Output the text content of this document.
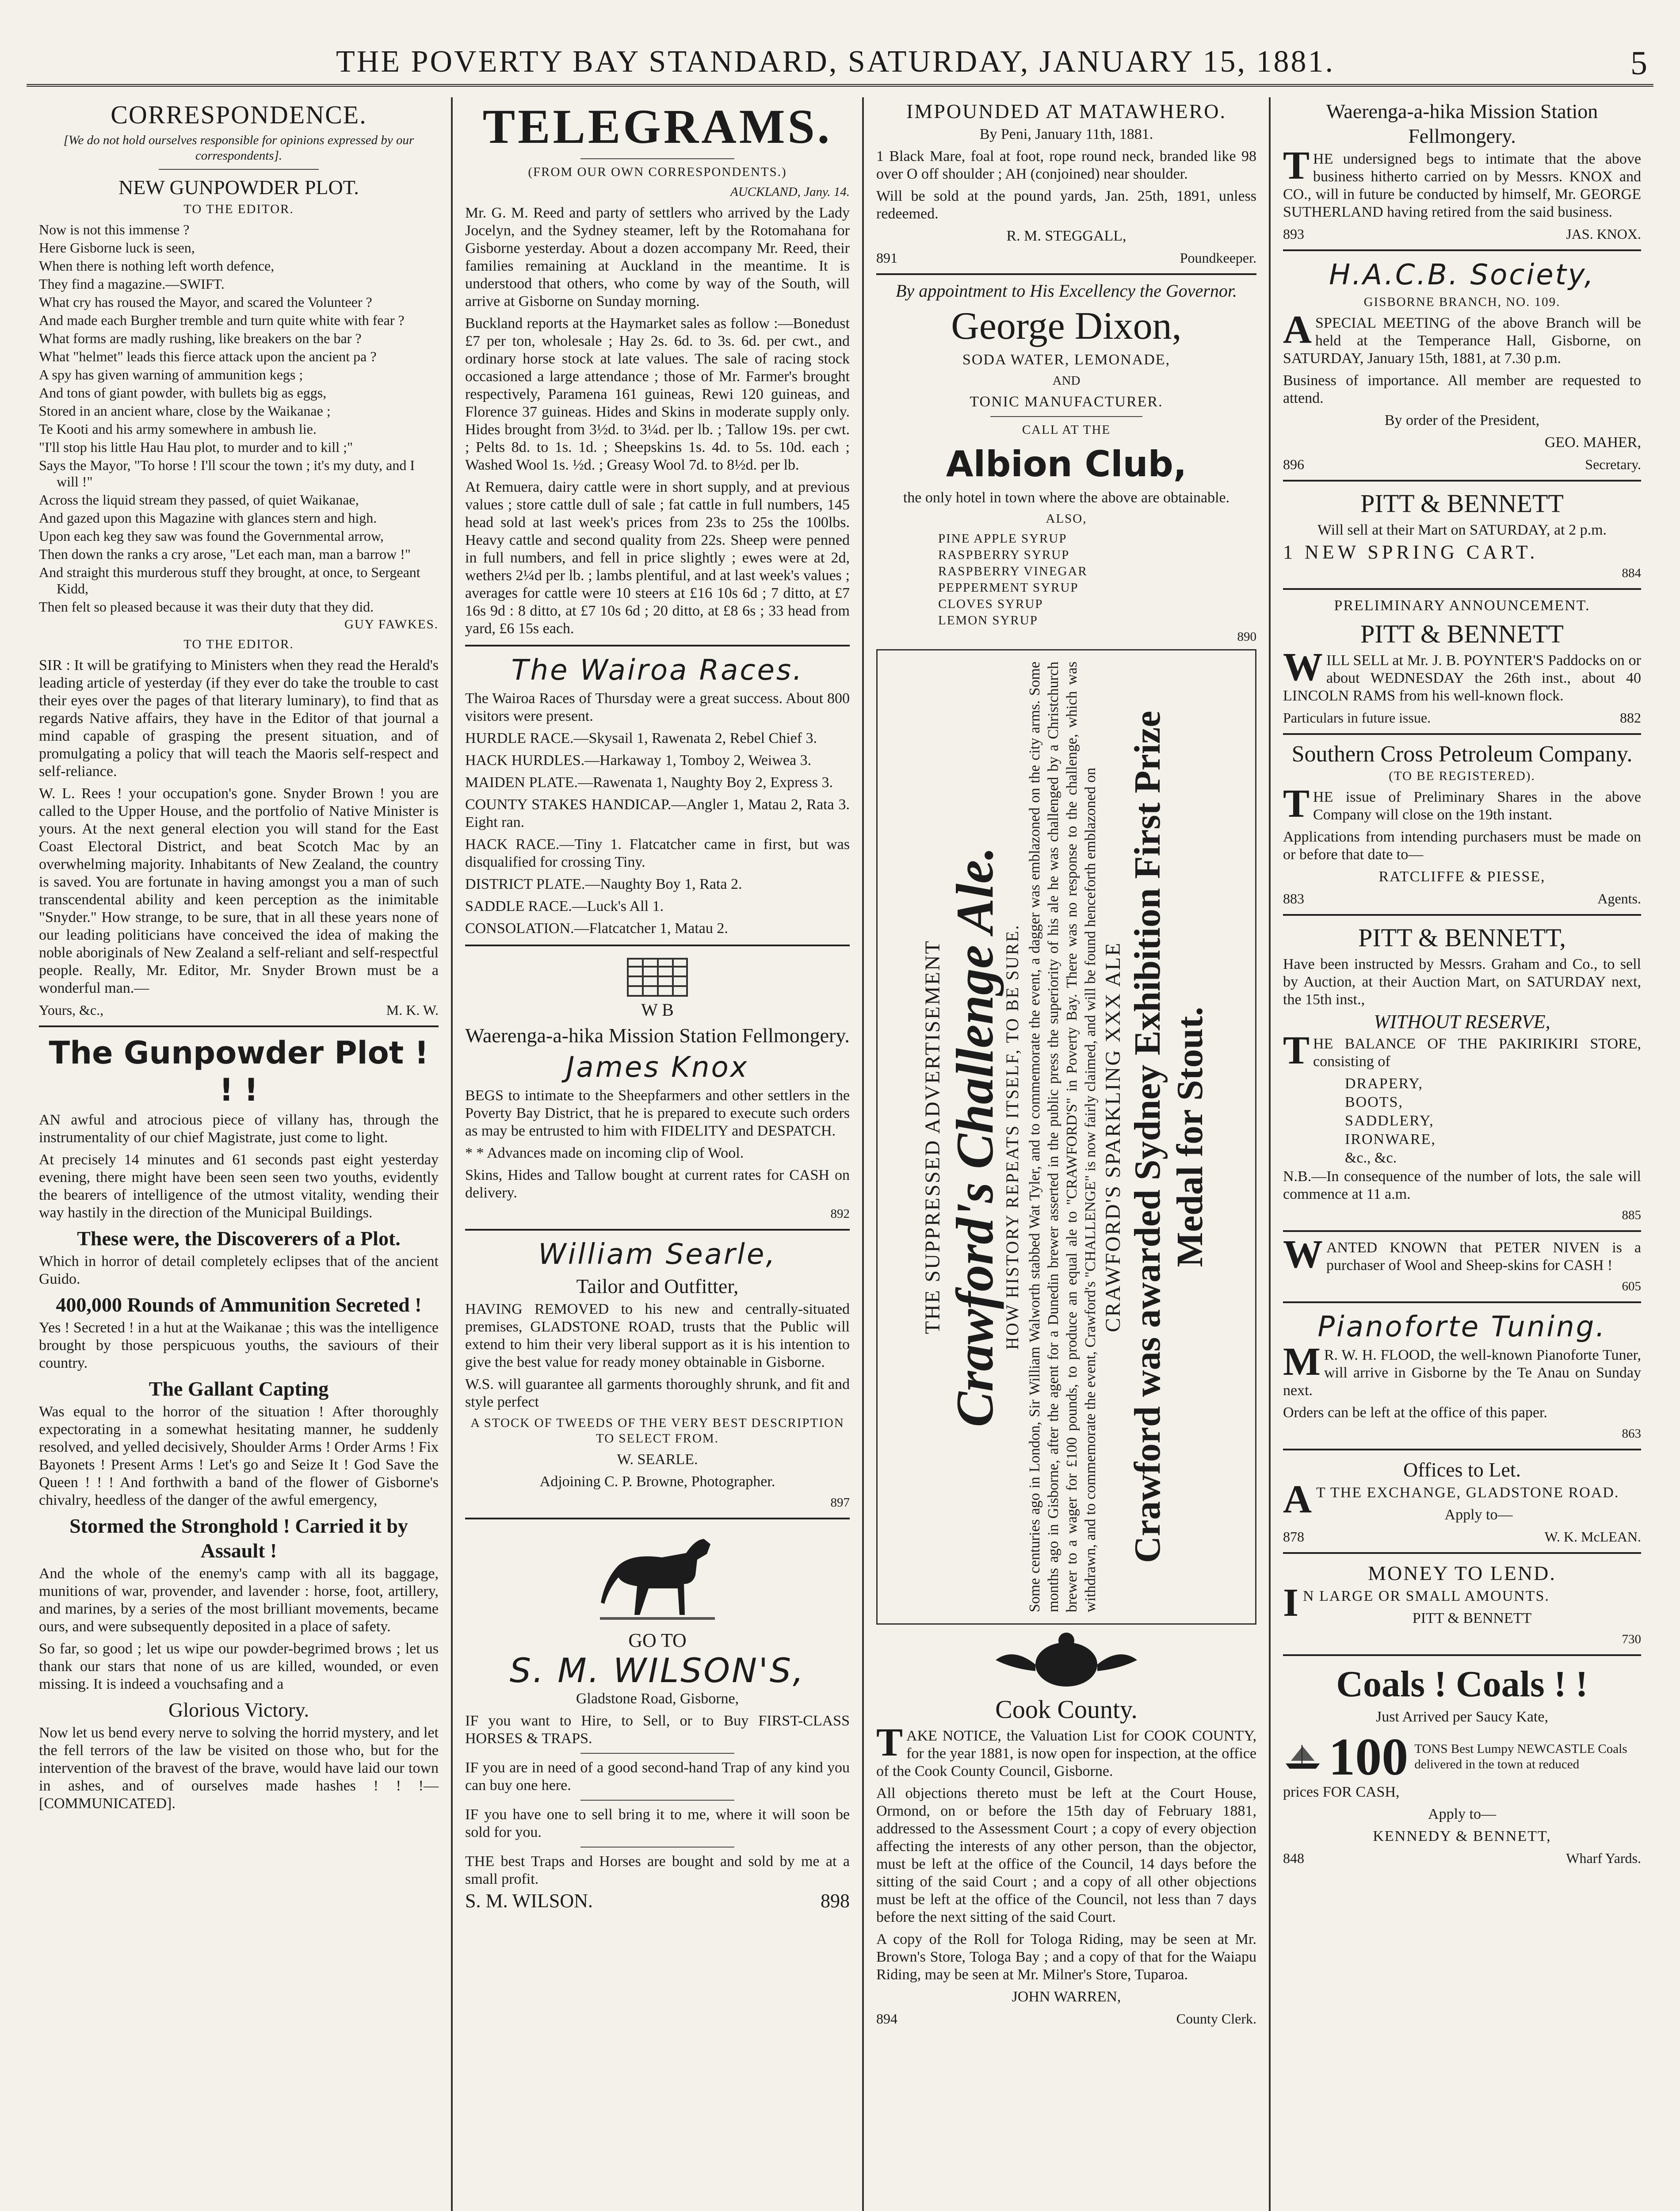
THE POVERTY BAY STANDARD, SATURDAY, JANUARY 15, 1881.	5
CORRESPONDENCE.

[We do not hold ourselves responsible for opinions expressed by our correspondents].

NEW GUNPOWDER PLOT.

TO THE EDITOR.

Now is not this immense ?

Here Gisborne luck is seen,

When there is nothing left worth defence,

They find a magazine.—SWIFT.

What cry has roused the Mayor, and scared the Volunteer ?

And made each Burgher tremble and turn quite white with fear ?

What forms are madly rushing, like breakers on the bar ?

What "helmet" leads this fierce attack upon the ancient pa ?

A spy has given warning of ammunition kegs ;

And tons of giant powder, with bullets big as eggs,

Stored in an ancient whare, close by the Waikanae ;

Te Kooti and his army somewhere in ambush lie.

"I'll stop his little Hau Hau plot, to murder and to kill ;"

Says the Mayor, "To horse ! I'll scour the town ; it's my duty, and I will !"

Across the liquid stream they passed, of quiet Waikanae,

And gazed upon this Magazine with glances stern and high.

Upon each keg they saw was found the Governmental arrow,

Then down the ranks a cry arose, "Let each man, man a barrow !"

And straight this murderous stuff they brought, at once, to Sergeant Kidd,

Then felt so pleased because it was their duty that they did.

GUY FAWKES.

TO THE EDITOR.

SIR : It will be gratifying to Ministers when they read the Herald's leading article of yesterday (if they ever do take the trouble to cast their eyes over the pages of that literary luminary), to find that as regards Native affairs, they have in the Editor of that journal a mind capable of grasping the present situation, and of promulgating a policy that will teach the Maoris self-respect and self-reliance.

W. L. Rees ! your occupation's gone. Snyder Brown ! you are called to the Upper House, and the portfolio of Native Minister is yours. At the next general election you will stand for the East Coast Electoral District, and beat Scotch Mac by an overwhelming majority. Inhabitants of New Zealand, the country is saved. You are fortunate in having amongst you a man of such transcendental ability and keen perception as the inimitable "Snyder." How strange, to be sure, that in all these years none of our leading politicians have conceived the idea of making the noble aboriginals of New Zealand a self-reliant and self-respectful people. Really, Mr. Editor, Mr. Snyder Brown must be a wonderful man.—

Yours, &c.,	M. K. W.
The Gunpowder Plot ! ! !

AN awful and atrocious piece of villany has, through the instrumentality of our chief Magistrate, just come to light.

At precisely 14 minutes and 61 seconds past eight yesterday evening, there might have been seen seen two youths, evidently the bearers of intelligence of the utmost vitality, wending their way hastily in the direction of the Municipal Buildings.

These were, the Discoverers of a Plot.

Which in horror of detail completely eclipses that of the ancient Guido.

400,000 Rounds of Ammunition Secreted !

Yes ! Secreted ! in a hut at the Waikanae ; this was the intelligence brought by those perspicuous youths, the saviours of their country.

The Gallant Capting

Was equal to the horror of the situation ! After thoroughly expectorating in a somewhat hesitating manner, he suddenly resolved, and yelled decisively, Shoulder Arms ! Order Arms ! Fix Bayonets ! Present Arms ! Let's go and Seize It ! God Save the Queen ! ! ! And forthwith a band of the flower of Gisborne's chivalry, heedless of the danger of the awful emergency,

Stormed the Stronghold ! Carried it by Assault !

And the whole of the enemy's camp with all its baggage, munitions of war, provender, and lavender : horse, foot, artillery, and marines, by a series of the most brilliant movements, became ours, and were subsequently deposited in a place of safety.

So far, so good ; let us wipe our powder-begrimed brows ; let us thank our stars that none of us are killed, wounded, or even missing. It is indeed a vouchsafing and a

Glorious Victory.

Now let us bend every nerve to solving the horrid mystery, and let the fell terrors of the law be visited on those who, but for the intervention of the bravest of the brave, would have laid our town in ashes, and of ourselves made hashes ! ! !—[COMMUNICATED].

TELEGRAMS.

(FROM OUR OWN CORRESPONDENTS.)

AUCKLAND, Jany. 14.

Mr. G. M. Reed and party of settlers who arrived by the Lady Jocelyn, and the Sydney steamer, left by the Rotomahana for Gisborne yesterday. About a dozen accompany Mr. Reed, their families remaining at Auckland in the meantime. It is understood that others, who come by way of the South, will arrive at Gisborne on Sunday morning.

Buckland reports at the Haymarket sales as follow :—Bonedust £7 per ton, wholesale ; Hay 2s. 6d. to 3s. 6d. per cwt., and ordinary horse stock at late values. The sale of racing stock occasioned a large attendance ; those of Mr. Farmer's brought respectively, Paramena 161 guineas, Rewi 120 guineas, and Florence 37 guineas. Hides and Skins in moderate supply only. Hides brought from 3½d. to 3¼d. per lb. ; Tallow 19s. per cwt. ; Pelts 8d. to 1s. 1d. ; Sheepskins 1s. 4d. to 5s. 10d. each ; Washed Wool 1s. ½d. ; Greasy Wool 7d. to 8½d. per lb.

At Remuera, dairy cattle were in short supply, and at previous values ; store cattle dull of sale ; fat cattle in full numbers, 145 head sold at last week's prices from 23s to 25s the 100lbs. Heavy cattle and second quality from 22s. Sheep were penned in full numbers, and fell in price slightly ; ewes were at 2d, wethers 2¼d per lb. ; lambs plentiful, and at last week's values ; averages for cattle were 10 steers at £16 10s 6d ; 7 ditto, at £7 16s 9d : 8 ditto, at £7 10s 6d ; 20 ditto, at £8 6s ; 33 head from yard, £6 15s each.

The Wairoa Races.

The Wairoa Races of Thursday were a great success. About 800 visitors were present.

HURDLE RACE.—Skysail 1, Rawenata 2, Rebel Chief 3.

HACK HURDLES.—Harkaway 1, Tomboy 2, Weiwea 3.

MAIDEN PLATE.—Rawenata 1, Naughty Boy 2, Express 3.

COUNTY STAKES HANDICAP.—Angler 1, Matau 2, Rata 3. Eight ran.

HACK RACE.—Tiny 1. Flatcatcher came in first, but was disqualified for crossing Tiny.

DISTRICT PLATE.—Naughty Boy 1, Rata 2.

SADDLE RACE.—Luck's All 1.

CONSOLATION.—Flatcatcher 1, Matau 2.

W B

Waerenga-a-hika Mission Station Fellmongery.
James Knox

BEGS to intimate to the Sheepfarmers and other settlers in the Poverty Bay District, that he is prepared to execute such orders as may be entrusted to him with FIDELITY and DESPATCH.

* * Advances made on incoming clip of Wool.

Skins, Hides and Tallow bought at current rates for CASH on delivery.

892

William Searle,
Tailor and Outfitter,

HAVING REMOVED to his new and centrally-situated premises, GLADSTONE ROAD, trusts that the Public will extend to him their very liberal support as it is his intention to give the best value for ready money obtainable in Gisborne.

W.S. will guarantee all garments thoroughly shrunk, and fit and style perfect

A STOCK OF TWEEDS OF THE VERY BEST DESCRIPTION TO SELECT FROM.

W. SEARLE.

Adjoining C. P. Browne, Photographer.

897

GO TO

S. M. WILSON'S,

Gladstone Road, Gisborne,

IF you want to Hire, to Sell, or to Buy FIRST-CLASS HORSES & TRAPS.

IF you are in need of a good second-hand Trap of any kind you can buy one here.

IF you have one to sell bring it to me, where it will soon be sold for you.

THE best Traps and Horses are bought and sold by me at a small profit.

S. M. WILSON.	898
IMPOUNDED AT MATAWHERO.

By Peni, January 11th, 1881.

1 Black Mare, foal at foot, rope round neck, branded like 98 over O off shoulder ; AH (conjoined) near shoulder.

Will be sold at the pound yards, Jan. 25th, 1891, unless redeemed.

R. M. STEGGALL,

891	Poundkeeper.

By appointment to His Excellency the Governor.

George Dixon,

SODA WATER, LEMONADE,

AND

TONIC MANUFACTURER.

CALL AT THE

Albion Club,

the only hotel in town where the above are obtainable.

ALSO,

PINE APPLE SYRUP

RASPBERRY SYRUP

RASPBERRY VINEGAR

PEPPERMENT SYRUP

CLOVES SYRUP

LEMON SYRUP

890

THE SUPPRESSED ADVERTISEMENT Crawford's Challenge Ale.

HOW HISTORY REPEATS ITSELF, TO BE SURE. Some centuries ago in London, Sir William Walworth stabbed Wat Tyler, and to commemorate the event, a dagger was emblazoned on the city arms. Some months ago in Gisborne, after the agent for a Dunedin brewer asserted in the public press the superiority of his ale he was challenged by a Christchurch brewer to a wager for £100 pounds, to produce an equal ale to "CRAWFORD'S" in Poverty Bay. There was no response to the challenge, which was withdrawn, and to commemorate the event, Crawford's "CHALLENGE" is now fairly claimed, and will be found henceforth emblazoned on CRAWFORD'S SPARKLING XXX ALE Crawford was awarded Sydney Exhibition First Prize Medal for Stout.
Cook County.

TAKE NOTICE, the Valuation List for COOK COUNTY, for the year 1881, is now open for inspection, at the office of the Cook County Council, Gisborne.

All objections thereto must be left at the Court House, Ormond, on or before the 15th day of February 1881, addressed to the Assessment Court ; a copy of every objection affecting the interests of any other person, than the objector, must be left at the office of the Council, 14 days before the sitting of the said Court ; and a copy of all other objections must be left at the office of the Council, not less than 7 days before the next sitting of the said Court.

A copy of the Roll for Tologa Riding, may be seen at Mr. Brown's Store, Tologa Bay ; and a copy of that for the Waiapu Riding, may be seen at Mr. Milner's Store, Tuparoa.

JOHN WARREN,

894	County Clerk.
Waerenga-a-hika Mission Station Fellmongery.

THE undersigned begs to intimate that the above business hitherto carried on by Messrs. KNOX and CO., will in future be conducted by himself, Mr. GEORGE SUTHERLAND having retired from the said business.

893	JAS. KNOX.
H.A.C.B. Society,

GISBORNE BRANCH, NO. 109.

ASPECIAL MEETING of the above Branch will be held at the Temperance Hall, Gisborne, on SATURDAY, January 15th, 1881, at 7.30 p.m.

Business of importance. All member are requested to attend.

By order of the President,

GEO. MAHER,

896	Secretary.
PITT & BENNETT

Will sell at their Mart on SATURDAY, at 2 p.m.

1 NEW SPRING CART.

884

PRELIMINARY ANNOUNCEMENT.

PITT & BENNETT

WILL SELL at Mr. J. B. POYNTER'S Paddocks on or about WEDNESDAY the 26th inst., about 40 LINCOLN RAMS from his well-known flock.

Particulars in future issue.	882
Southern Cross Petroleum Company.

(TO BE REGISTERED).

THE issue of Preliminary Shares in the above Company will close on the 19th instant.

Applications from intending purchasers must be made on or before that date to—

RATCLIFFE & PIESSE,

883	Agents.
PITT & BENNETT,

Have been instructed by Messrs. Graham and Co., to sell by Auction, at their Auction Mart, on SATURDAY next, the 15th inst.,

WITHOUT RESERVE,

THE BALANCE OF THE PAKIRIKIRI STORE, consisting of

DRAPERY,

BOOTS,

SADDLERY,

IRONWARE,

&c., &c.

N.B.—In consequence of the number of lots, the sale will commence at 11 a.m.

885

WANTED KNOWN that PETER NIVEN is a purchaser of Wool and Sheep-skins for CASH !

605

Pianoforte Tuning.

MR. W. H. FLOOD, the well-known Pianoforte Tuner, will arrive in Gisborne by the Te Anau on Sunday next.

Orders can be left at the office of this paper.

863

Offices to Let.

AT THE EXCHANGE, GLADSTONE ROAD.

Apply to—

878	W. K. McLEAN.
MONEY TO LEND.

IN LARGE OR SMALL AMOUNTS.

PITT & BENNETT

730

Coals ! Coals ! !

Just Arrived per Saucy Kate,

100 TONS Best Lumpy NEWCASTLE Coals delivered in the town at reduced

prices FOR CASH,

Apply to—

KENNEDY & BENNETT,

848	Wharf Yards.
